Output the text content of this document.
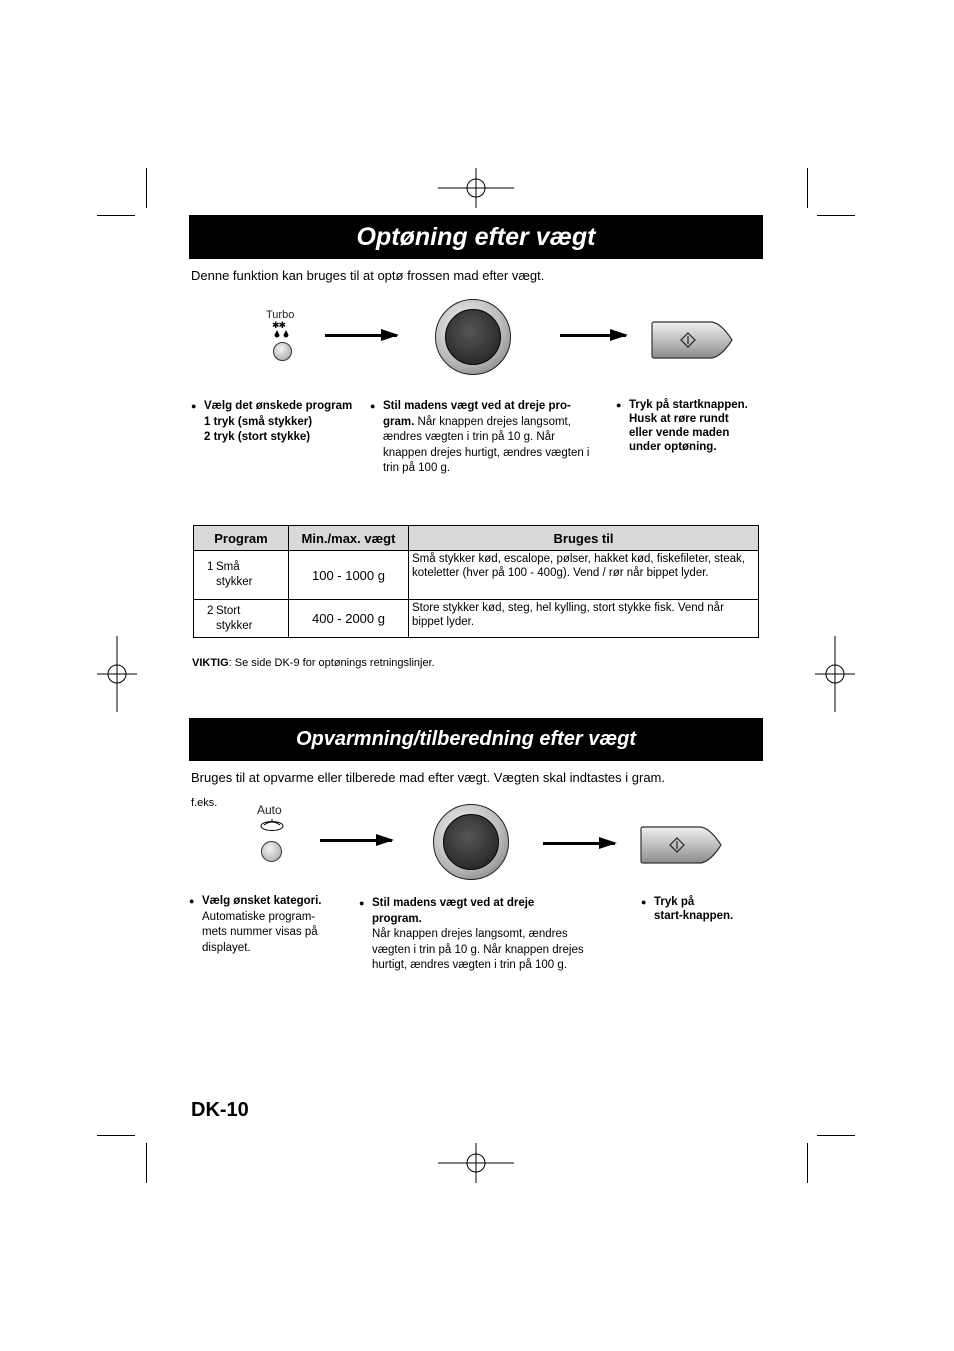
Optøning efter vægt
Denne funktion kan bruges til at optø frossen mad efter vægt.
Turbo
✱✱
● Vælg det ønskede program
1 tryk (små stykker)
2 tryk (stort stykke)
● Stil madens vægt ved at dreje pro-
gram. Når knappen drejes langsomt,
ændres vægten i trin på 10 g. Når
knappen drejes hurtigt, ændres vægten i
trin på 100 g.
● Tryk på startknappen.
Husk at røre rundt
eller vende maden
under optøning.
Program	Min./max. vægt	Bruges til
1 Små
stykker	100 - 1000 g	Små stykker kød, escalope, pølser, hakket kød, fiskefileter, steak, koteletter (hver på 100 - 400g). Vend / rør når bippet lyder.
2 Stort
stykker	400 - 2000 g	Store stykker kød, steg, hel kylling, stort stykke fisk. Vend når bippet lyder.
VIKTIG: Se side DK-9 for optønings retningslinjer.
Opvarmning/tilberedning efter vægt
Bruges til at opvarme eller tilberede mad efter vægt. Vægten skal indtastes i gram.
f.eks.	Auto
● Vælg ønsket kategori.
Automatiske program-
mets nummer visas på
displayet.
● Stil madens vægt ved at dreje
program.
Når knappen drejes langsomt, ændres
vægten i trin på 10 g. Når knappen drejes
hurtigt, ændres vægten i trin på 100 g.
● Tryk på
start-knappen.
DK-10
